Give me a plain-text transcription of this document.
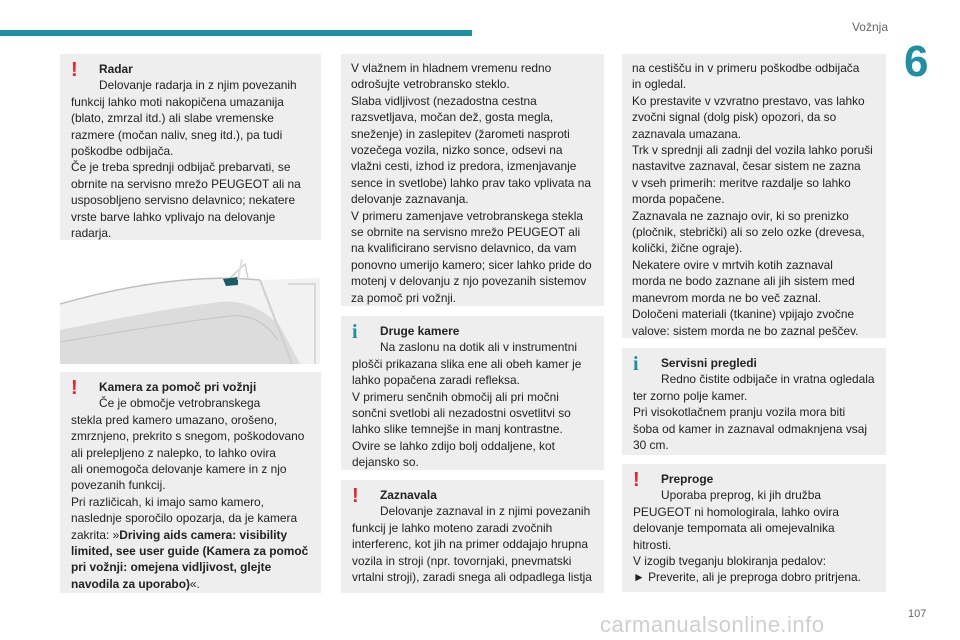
Vožnja
6
carmanualsonline.info	107
!	Radar
Delovanje radarja in z njim povezanih

funkcij lahko moti nakopičena umazanija

(blato, zmrzal itd.) ali slabe vremenske

razmere (močan naliv, sneg itd.), pa tudi

poškodbe odbijača.

Če je treba sprednji odbijač prebarvati, se

obrnite na servisno mrežo PEUGEOT ali na

usposobljeno servisno delavnico; nekatere

vrste barve lahko vplivajo na delovanje

radarja.

!	Kamera za pomoč pri vožnji
Če je območje vetrobranskega

stekla pred kamero umazano, orošeno,

zmrznjeno, prekrito s snegom, poškodovano

ali prelepljeno z nalepko, to lahko ovira

ali onemogoča delovanje kamere in z njo

povezanih funkcij.

Pri različicah, ki imajo samo kamero,

naslednje sporočilo opozarja, da je kamera

zakrita: »Driving aids camera: visibility

limited, see user guide (Kamera za pomoč

pri vožnji: omejena vidljivost, glejte

navodila za uporabo)«.

V vlažnem in hladnem vremenu redno

odrošujte vetrobransko steklo.

Slaba vidljivost (nezadostna cestna

razsvetljava, močan dež, gosta megla,

sneženje) in zaslepitev (žarometi nasproti

vozečega vozila, nizko sonce, odsevi na

vlažni cesti, izhod iz predora, izmenjavanje

sence in svetlobe) lahko prav tako vplivata na

delovanje zaznavanja.

V primeru zamenjave vetrobranskega stekla

se obrnite na servisno mrežo PEUGEOT ali

na kvalificirano servisno delavnico, da vam

ponovno umerijo kamero; sicer lahko pride do

motenj v delovanju z njo povezanih sistemov

za pomoč pri vožnji.

i	Druge kamere
Na zaslonu na dotik ali v instrumentni

plošči prikazana slika ene ali obeh kamer je

lahko popačena zaradi refleksa.

V primeru senčnih območij ali pri močni

sončni svetlobi ali nezadostni osvetlitvi so

lahko slike temnejše in manj kontrastne.

Ovire se lahko zdijo bolj oddaljene, kot

dejansko so.

!	Zaznavala
Delovanje zaznaval in z njimi povezanih

funkcij je lahko moteno zaradi zvočnih

interferenc, kot jih na primer oddajajo hrupna

vozila in stroji (npr. tovornjaki, pnevmatski

vrtalni stroji), zaradi snega ali odpadlega listja

na cestišču in v primeru poškodbe odbijača

in ogledal.

Ko prestavite v vzvratno prestavo, vas lahko

zvočni signal (dolg pisk) opozori, da so

zaznavala umazana.

Trk v sprednji ali zadnji del vozila lahko poruši

nastavitve zaznaval, česar sistem ne zazna

v vseh primerih: meritve razdalje so lahko

morda popačene.

Zaznavala ne zaznajo ovir, ki so prenizko

(pločnik, stebrički) ali so zelo ozke (drevesa,

količki, žične ograje).

Nekatere ovire v mrtvih kotih zaznaval

morda ne bodo zaznane ali jih sistem med

manevrom morda ne bo več zaznal.

Določeni materiali (tkanine) vpijajo zvočne

valove: sistem morda ne bo zaznal peščev.

i	Servisni pregledi
Redno čistite odbijače in vratna ogledala

ter zorno polje kamer.

Pri visokotlačnem pranju vozila mora biti

šoba od kamer in zaznaval odmaknjena vsaj

30 cm.

!	Preproge
Uporaba preprog, ki jih družba

PEUGEOT ni homologirala, lahko ovira

delovanje tempomata ali omejevalnika

hitrosti.

V izogib tveganju blokiranja pedalov:

► Preverite, ali je preproga dobro pritrjena.
